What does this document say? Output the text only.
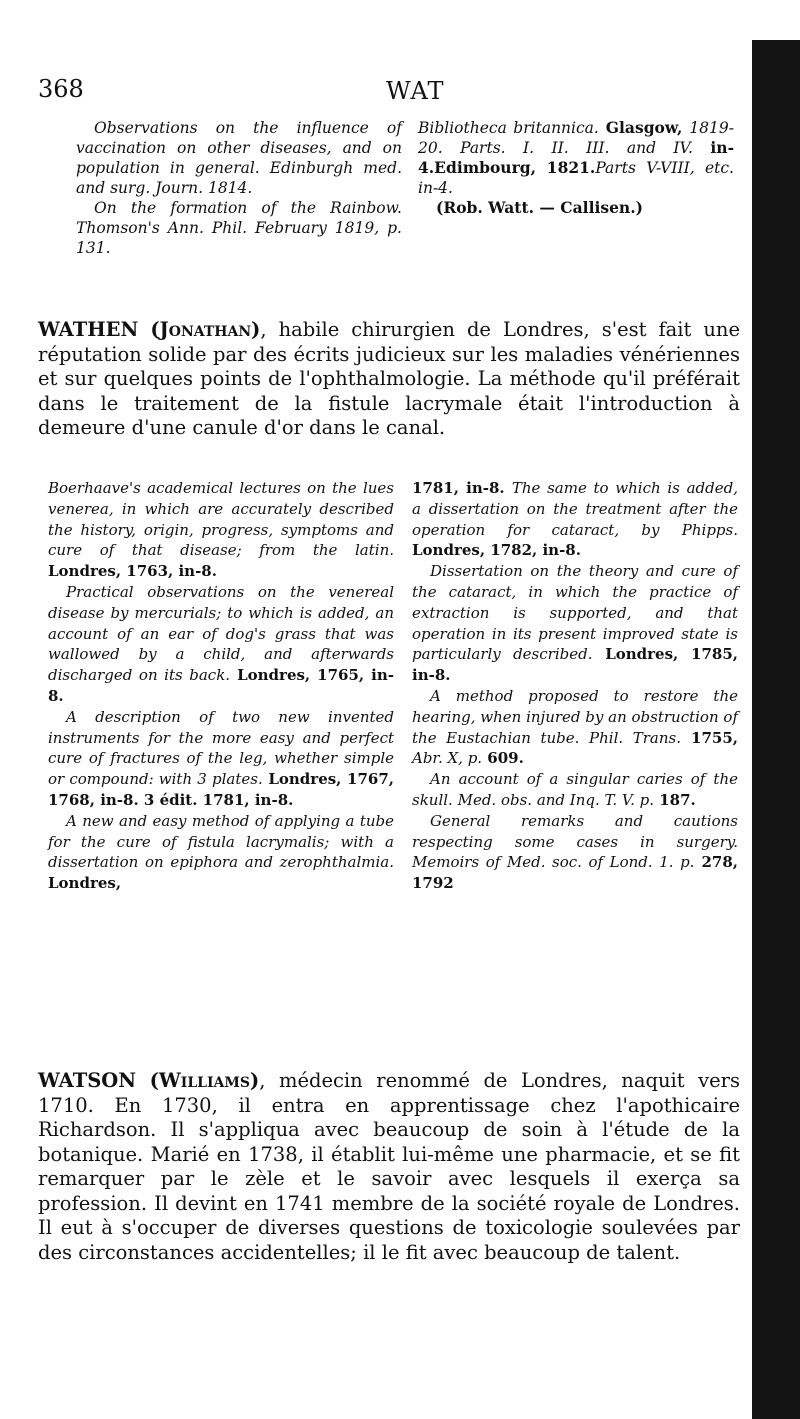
368	WAT

Observations on the influence of vaccination on other diseases, and on population in general. Edinburgh med. and surg. Journ. 1814.

On the formation of the Rainbow. Thomson's Ann. Phil. February 1819, p. 131.

Bibliotheca britannica. Glasgow, 1819-20. Parts. I. II. III. and IV. in-4.Edimbourg, 1821.Parts V-VIII, etc. in-4.

(Rob. Watt. — Callisen.)

WATHEN (Jonathan), habile chirurgien de Londres, s'est fait une réputation solide par des écrits judicieux sur les maladies vénériennes et sur quelques points de l'ophthalmologie. La méthode qu'il préférait dans le traitement de la fistule lacrymale était l'introduction à demeure d'une canule d'or dans le canal.

Boerhaave's academical lectures on the lues venerea, in which are accurately described the history, origin, progress, symptoms and cure of that disease; from the latin. Londres, 1763, in-8.

Practical observations on the venereal disease by mercurials; to which is added, an account of an ear of dog's grass that was wallowed by a child, and afterwards discharged on its back. Londres, 1765, in-8.

A description of two new invented instruments for the more easy and perfect cure of fractures of the leg, whether simple or compound: with 3 plates. Londres, 1767, 1768, in-8. 3 édit. 1781, in-8.

A new and easy method of applying a tube for the cure of fistula lacrymalis; with a dissertation on epiphora and zerophthalmia. Londres,

1781, in-8. The same to which is added, a dissertation on the treatment after the operation for cataract, by Phipps. Londres, 1782, in-8.

Dissertation on the theory and cure of the cataract, in which the practice of extraction is supported, and that operation in its present improved state is particularly described. Londres, 1785, in-8.

A method proposed to restore the hearing, when injured by an obstruction of the Eustachian tube. Phil. Trans. 1755, Abr. X, p. 609.

An account of a singular caries of the skull. Med. obs. and Inq. T. V. p. 187.

General remarks and cautions respecting some cases in surgery. Memoirs of Med. soc. of Lond. 1. p. 278, 1792

WATSON (Williams), médecin renommé de Londres, naquit vers 1710. En 1730, il entra en apprentissage chez l'apothicaire Richardson. Il s'appliqua avec beaucoup de soin à l'étude de la botanique. Marié en 1738, il établit lui-même une pharmacie, et se fit remarquer par le zèle et le savoir avec lesquels il exerça sa profession. Il devint en 1741 membre de la société royale de Londres. Il eut à s'occuper de diverses questions de toxicologie soulevées par des circonstances accidentelles; il le fit avec beaucoup de talent.
